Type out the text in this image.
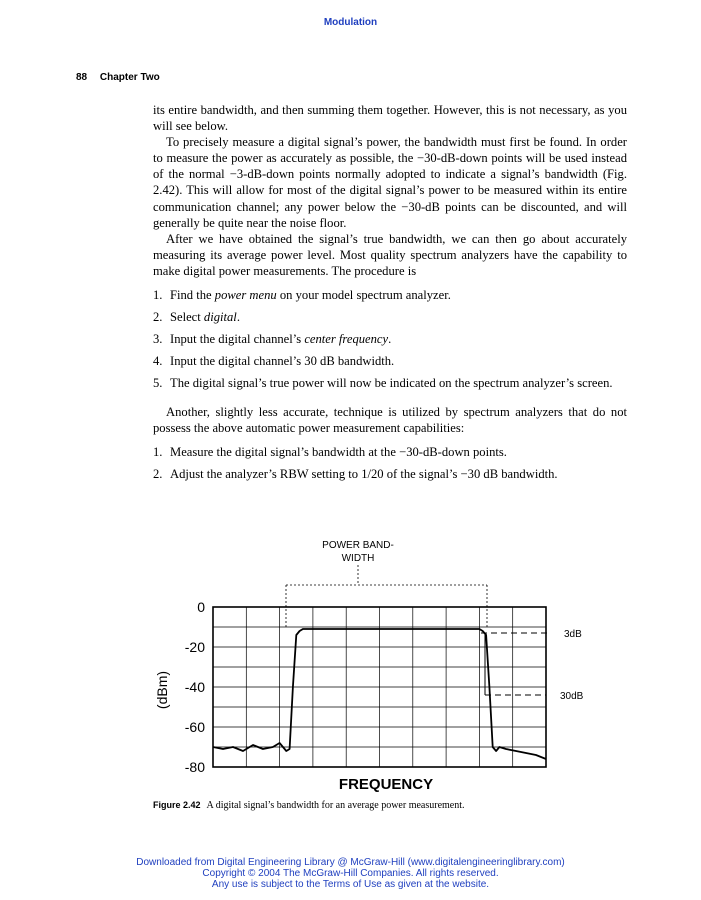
Modulation
88 Chapter Two

its entire bandwidth, and then summing them together. However, this is not necessary, as you will see below.

To precisely measure a digital signal’s power, the bandwidth must first be found. In order to measure the power as accurately as possible, the −30-dB-down points will be used instead of the normal −3-dB-down points normally adopted to indicate a signal’s bandwidth (Fig. 2.42). This will allow for most of the digital signal’s power to be measured within its entire communication channel; any power below the −30-dB points can be discounted, and will generally be quite near the noise floor.

After we have obtained the signal’s true bandwidth, we can then go about accurately measuring its average power level. Most quality spectrum analyzers have the capability to make digital power measurements. The procedure is

1. Find the power menu on your model spectrum analyzer.
2. Select digital.
3. Input the digital channel’s center frequency.
4. Input the digital channel’s 30 dB bandwidth.
5. The digital signal’s true power will now be indicated on the spectrum analyzer’s screen.

Another, slightly less accurate, technique is utilized by spectrum analyzers that do not possess the above automatic power measurement capabilities:

1. Measure the digital signal’s bandwidth at the −30-dB-down points.
2. Adjust the analyzer’s RBW setting to 1/20 of the signal’s −30 dB bandwidth.
POWER BAND-
WIDTH
0
-20
-40
-60
-80
(dBm)
3dB
30dB
FREQUENCY
Figure 2.42 A digital signal’s bandwidth for an average power measurement.
Downloaded from Digital Engineering Library @ McGraw-Hill (www.digitalengineeringlibrary.com)
Copyright © 2004 The McGraw-Hill Companies. All rights reserved.
Any use is subject to the Terms of Use as given at the website.
